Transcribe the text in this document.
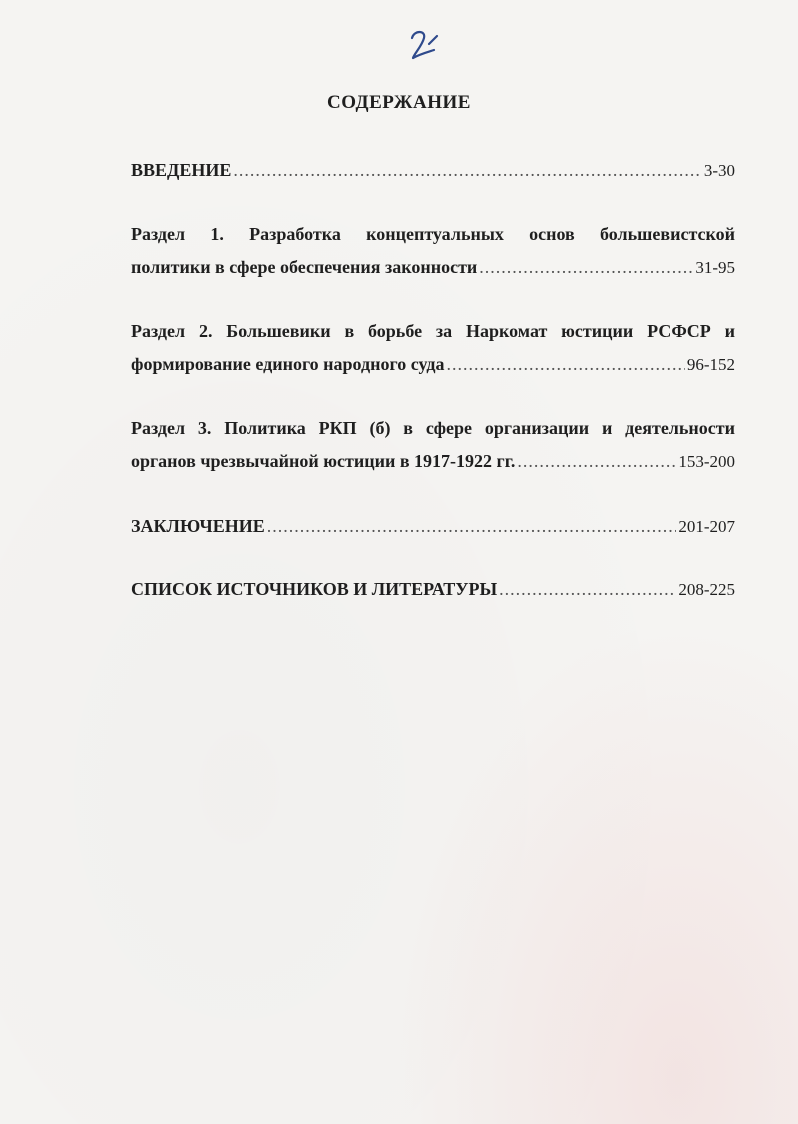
СОДЕРЖАНИЕ
ВВЕДЕНИЕ .....	3-30
Раздел 1. Разработка концептуальных основ большевистской
политики в сфере обеспечения законности .....	31-95
Раздел 2. Большевики в борьбе за Наркомат юстиции РСФСР и
формирование единого народного суда .....	96-152
Раздел 3. Политика РКП (б) в сфере организации и деятельности
органов чрезвычайной юстиции в 1917-1922 гг. .....	153-200
ЗАКЛЮЧЕНИЕ .....	201-207
СПИСОК ИСТОЧНИКОВ И ЛИТЕРАТУРЫ .....	208-225
